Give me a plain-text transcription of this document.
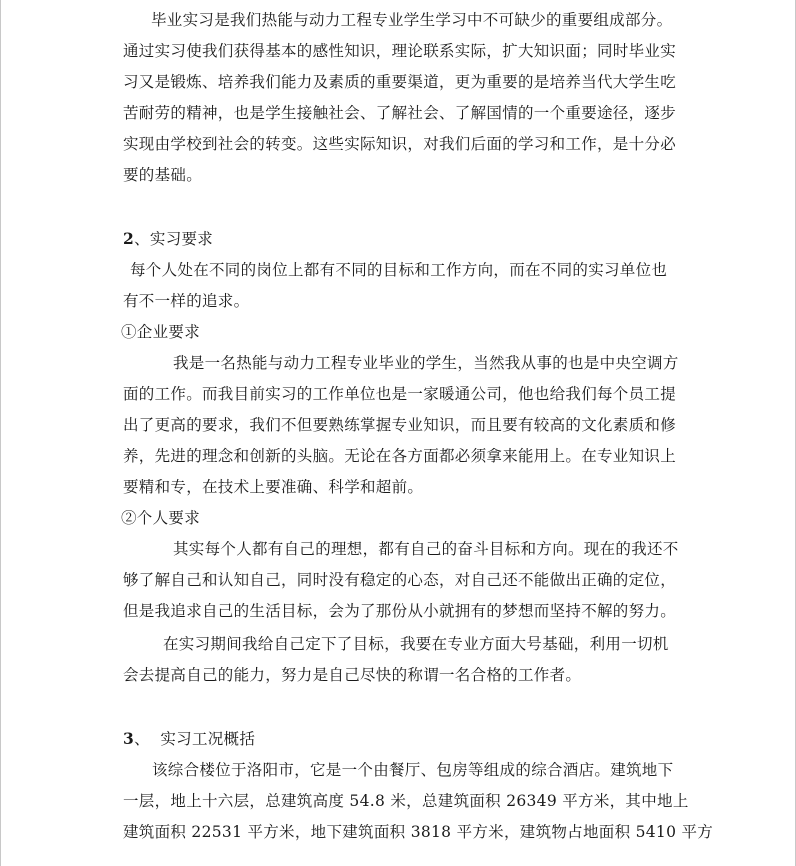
毕业实习是我们热能与动力工程专业学生学习中不可缺少的重要组成部分。
通过实习使我们获得基本的感性知识，理论联系实际，扩大知识面；同时毕业实
习又是锻炼、培养我们能力及素质的重要渠道，更为重要的是培养当代大学生吃
苦耐劳的精神，也是学生接触社会、了解社会、了解国情的一个重要途径，逐步
实现由学校到社会的转变。这些实际知识，对我们后面的学习和工作，是十分必
要的基础。
2、实习要求
每个人处在不同的岗位上都有不同的目标和工作方向，而在不同的实习单位也
有不一样的追求。
①企业要求
我是一名热能与动力工程专业毕业的学生，当然我从事的也是中央空调方
面的工作。而我目前实习的工作单位也是一家暖通公司，他也给我们每个员工提
出了更高的要求，我们不但要熟练掌握专业知识，而且要有较高的文化素质和修
养，先进的理念和创新的头脑。无论在各方面都必须拿来能用上。在专业知识上
要精和专，在技术上要准确、科学和超前。
②个人要求
其实每个人都有自己的理想，都有自己的奋斗目标和方向。现在的我还不
够了解自己和认知自己，同时没有稳定的心态，对自己还不能做出正确的定位，
但是我追求自己的生活目标，会为了那份从小就拥有的梦想而坚持不解的努力。
在实习期间我给自己定下了目标，我要在专业方面大号基础，利用一切机
会去提高自己的能力，努力是自己尽快的称谓一名合格的工作者。
3、  实习工况概括
该综合楼位于洛阳市，它是一个由餐厅、包房等组成的综合酒店。建筑地下
一层，地上十六层，总建筑高度 54.8 米，总建筑面积 26349 平方米，其中地上
建筑面积 22531 平方米，地下建筑面积 3818 平方米，建筑物占地面积 5410 平方
